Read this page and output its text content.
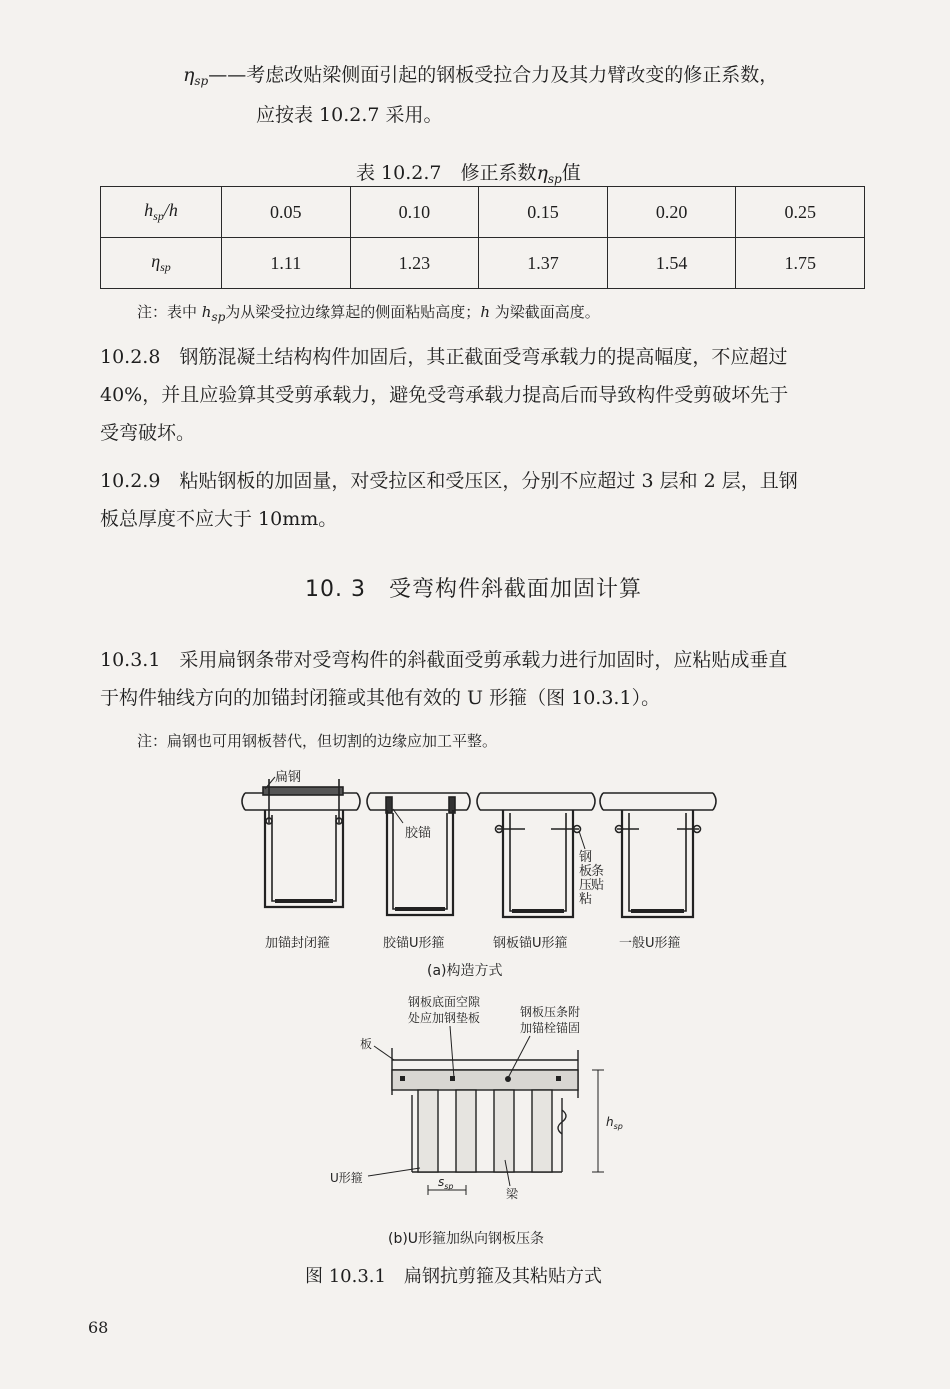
$\eta_{sp}——$考虑改贴梁侧面引起的钢板受拉合力及其力臂改变的修正系数，
应按表 10.2.7 采用。
表 10.2.7　修正系数$\eta_{sp}$值
$h_{sp}/h$	0.05	0.10	0.15	0.20	0.25
$\eta_{sp}$	1.11	1.23	1.37	1.54	1.75
注：表中 $h_{sp}$为从梁受拉边缘算起的侧面粘贴高度；h 为梁截面高度。
10.2.8　钢筋混凝土结构构件加固后，其正截面受弯承载力的提高幅度，不应超过
40%，并且应验算其受剪承载力，避免受弯承载力提高后而导致构件受剪破坏先于
受弯破坏。
10.2.9　粘贴钢板的加固量，对受拉区和受压区，分别不应超过 3 层和 2 层，且钢
板总厚度不应大于 10mm。
10. 3　受弯构件斜截面加固计算
10.3.1　采用扁钢条带对受弯构件的斜截面受剪承载力进行加固时，应粘贴成垂直
于构件轴线方向的加锚封闭箍或其他有效的 U 形箍（图 10.3.1）。
注：扁钢也可用钢板替代，但切割的边缘应加工平整。
扁钢
胶锚
钢
板
压
条
粘
贴
加锚封闭箍	胶锚U形箍	钢板锚U形箍	一般U形箍
(a)构造方式
钢板底面空隙
处应加钢垫板	钢板压条附
加锚栓锚固
板
U形箍
梁
$s_{sp}$
$h_{sp}$
(b)U形箍加纵向钢板压条
图 10.3.1　扁钢抗剪箍及其粘贴方式
68
